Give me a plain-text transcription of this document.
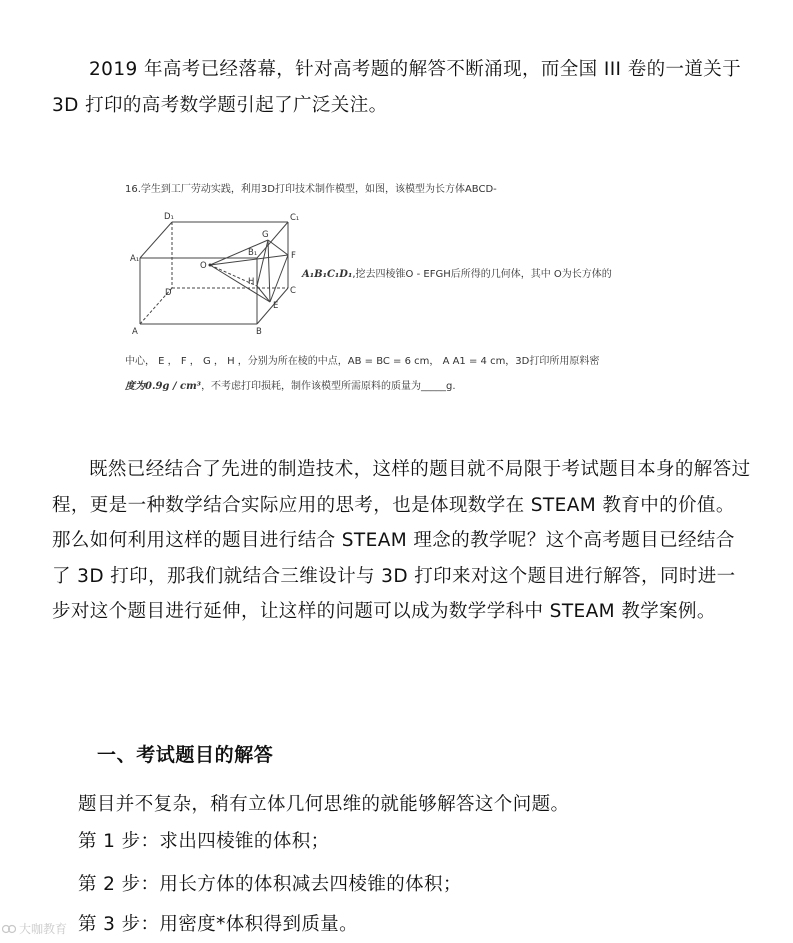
2019 年高考已经落幕，针对高考题的解答不断涌现，而全国 III 卷的一道关于 3D 打印的高考数学题引起了广泛关注。

16.学生到工厂劳动实践，利用3D打印技术制作模型，如图，该模型为长方体ABCD-
D₁	C₁
A₁
B₁
D	C
A	B
O
G
F
E
H
A₁B₁C₁D₁,挖去四棱锥O - EFGH后所得的几何体，其中 O为长方体的
中心， E ， F ， G ， H ，分别为所在棱的中点，AB = BC = 6 cm， A A1 = 4 cm，3D打印所用原料密
度为0.9g / cm³，不考虑打印损耗，制作该模型所需原料的质量为_____g.

既然已经结合了先进的制造技术，这样的题目就不局限于考试题目本身的解答过程，更是一种数学结合实际应用的思考，也是体现数学在 STEAM 教育中的价值。那么如何利用这样的题目进行结合 STEAM 理念的教学呢？这个高考题目已经结合了 3D 打印，那我们就结合三维设计与 3D 打印来对这个题目进行解答，同时进一步对这个题目进行延伸，让这样的问题可以成为数学学科中 STEAM 教学案例。

一、考试题目的解答

题目并不复杂，稍有立体几何思维的就能够解答这个问题。

第 1 步：求出四棱锥的体积；

第 2 步：用长方体的体积减去四棱锥的体积；

第 3 步：用密度*体积得到质量。

大咖教育
